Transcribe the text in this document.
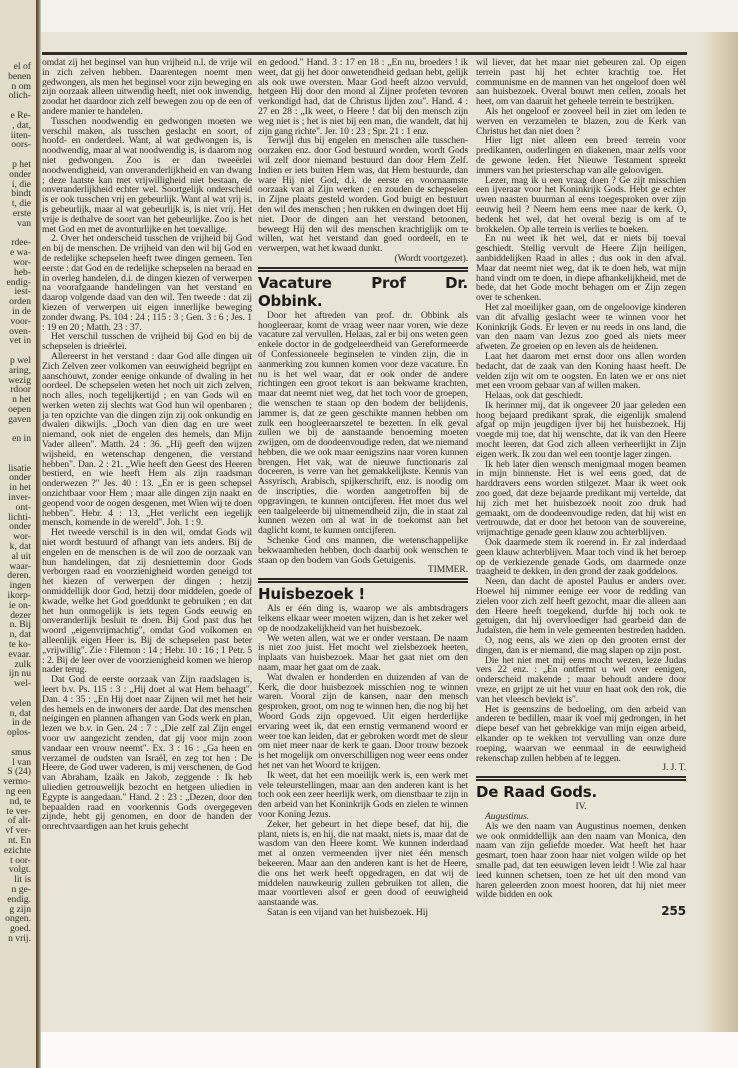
el of
benen
n om
olich-

e Re-
, dat,
iiten-
oors-

p het
onder
i, die
bindt
t, die
erste
van

rdee-
e wa-
wor-
heb-
endig-
iest-
orden
in de
voor-
oven-
vet in

p wel
aring,
wezig
rdoor
n het
oepen
gaven

en in

lisatie
onder
in het
inver-
ont-
lichti-
onder
wor-
k, dat
al uit
waar-
deren.
ingen
ikorp-
ie on-
dezer
n. Bij
n, dat
te ko-
evaar.
zulk
ijn nu
wel-

velen
n, dat
in de
oplos-

smus
l van
S (24)
vermo-
ng een
nd, te
te ver-
of alt-
vf ver-
nt. En
ezichte
t oor-
volgt.
lit is
n ge-
endig.
g zijn
ongen.
goed.
n vrij.

omdat zij het beginsel van hun vrijheid n.l. de vrije wil in zich zelven hebben. Daarentegen noemt men gedwongen, als men het beginsel voor zijn beweging en zijn oorzaak alleen uitwendig heeft, niet ook inwendig, zoodat het daardoor zich zelf bewegen zou op de een of andere manier te handelen.

Tusschen noodwendig en gedwongen moeten we verschil maken, als tusschen geslacht en soort, of hoofd- en onderdeel. Want, al wat gedwongen is, is noodwendig, maar al wat noodwendig is, is daarom nog niet gedwongen. Zoo is er dan tweeërlei noodwendigheid, van onveranderlijkheid en van dwang ; deze laatste kan met vrijwilligheid niet bestaan, de onveranderlijkheid echter wel. Soortgelijk onderscheid is er ook tusschen vrij en gebeurlijk. Want al wat vrij is, is gebeurlijk, maar al wat gebeurlijk is, is niet vrij. Het vrije is dethalve de soort van het gebeurlijke. Zoo is het met God en met de avonturlijke en het toevallige.

2. Over het onderscheid tusschen de vrijheid bij God en bij de menschen. De vrijheid van den wil bij God en de redelijke schepselen heeft twee dingen gemeen. Ten eerste : dat God en de redelijke schepselen na beraad en in overleg handelen, d.i. de dingen kiezen of verwerpen na voorafgaande handelingen van het verstand en daarop volgende daad van den wil. Ten tweede : dat zij kiezen of verwerpen uit eigen innerlijke beweging zonder dwang. Ps. 104 : 24 ; 115 : 3 ; Gen. 3 : 6 ; Jes. 1 : 19 en 20 ; Matth. 23 : 37.

Het verschil tusschen de vrijheid bij God en bij de schepselen is drieërlei.

Allereerst in het verstand : daar God alle dingen uit Zich Zelven zeer volkomen van eeuwigheid begrijpt en aanschouwt, zonder eenige onkunde of dwaling in het oordeel. De schepselen weten het noch uit zich zelven, noch alles, noch tegelijkertijd ; en van Gods wil en werken weten zij slechts wat God hun wil openbaren ; ja ten opzichte van die dingen zijn zij ook onkundig en dwalen dikwijls. „Doch van dien dag en ure weet niemand, ook niet de engelen des hemels, dan Mijn Vader alleen". Matth. 24 : 36. „Hij geeft den wijzen wijsheid, en wetenschap dengenen, die verstand hebben". Dan. 2 : 21. „Wie heeft den Geest des Heeren bestierd, en wie heeft Hem als zijn raadsman onderwezen ?" Jes. 40 : 13. „En er is geen schepsel onzichtbaar voor Hem ; maar alle dingen zijn naakt en geopend voor de oogen desgenen, met Wien wij te doen hebben". Hebr. 4 : 13. „Het verlicht een iegelijk mensch, komende in de wereld". Joh. 1 : 9.

Het tweede verschil is in den wil, omdat Gods wil niet wordt bestuurd of afhangt van iets anders. Bij de engelen en de menschen is de wil zoo de oorzaak van hun handelingen, dat zij desniettemin door Gods verborgen raad en voorzienigheid worden geneigd tot het kiezen of verwerpen der dingen ; hetzij onmiddellijk door God, hetzij door middelen, goede of kwade, welke het God goeddunkt te gebruiken ; en dat het hun onmogelijk is iets tegen Gods eeuwig en onveranderlijk besluit te doen. Bij God past dus het woord „eigenvrijmachtig", omdat God volkomen en alleenlijk eigen Heer is. Bij de schepselen past beter „vrijwillig". Zie : Filemon : 14 ; Hebr. 10 : 16 ; 1 Petr. 5 : 2. Bij de leer over de voorzienigheid komen we hierop nader terug.

Dat God de eerste oorzaak van Zijn raadslagen is, leert b.v. Ps. 115 : 3 : „Hij doet al wat Hem behaagt". Dan. 4 : 35 : „En Hij doet naar Zijnen wil met het heir des hemels en de inwoners der aarde. Dat des menschen neigingen en plannen afhangen van Gods werk en plan, lezen we b.v. in Gen. 24 : 7 : „Die zelf zal Zijn engel voor uw aangezicht zenden, dat gij voor mijn zoon vandaar een vrouw neemt". Ex. 3 : 16 : „Ga heen en verzamel de oudsten van Israël, en zeg tot hen : De Heere, de God uwer vaderen, is mij verschenen, de God van Abraham, Izaäk en Jakob, zeggende : Ik heb uliedien getrouwelijk bezocht en hetgeen uliedien in Egypte is aangedaan." Hand. 2 : 23 : „Dezen, door den bepaalden raad en voorkennis Gods overgegeven zijnde, hebt gij genomen, en door de handen der onrechtvaardigen aan het kruis gehecht

en gedood." Hand. 3 : 17 en 18 : „En nu, broeders ! ik weet, dat gij het door onwetendheid gedaan hebt, gelijk als ook uwe oversten. Maar God heeft alzoo vervuld, hetgeen Hij door den mond al Zijner profeten tevoren verkondigd had, dat de Christus lijden zou". Hand. 4 : 27 en 28 : „Ik weet, o Heere ! dat bij den mensch zijn weg niet is ; het is niet bij een man, die wandelt, dat hij zijn gang richte". Jer. 10 : 23 ; Spr. 21 : 1 enz.

Terwijl dus bij engelen en menschen alle tusschen-oorzaken enz. door God bestuurd worden, wordt Gods wil zelf door niemand bestuurd dan door Hem Zelf. Indien er iets buiten Hem was, dat Hem bestuurde, dan ware Hij niet God, d.i. de eerste en voornaamste oorzaak van al Zijn werken ; en zouden de schepselen in Zijne plaats gesteld worden. God buigt en bestuurt den wil des menschen ; hen rukken en dwingen doet Hij niet. Door de dingen aan het verstand betoonen, beweegt Hij den wil des menschen krachtiglijk om te willen, wat het verstand dan goed oordeelt, en te verwerpen, wat het kwaad dunkt.

(Wordt voortgezet).

Vacature Prof Dr. Obbink.

Door het aftreden van prof. dr. Obbink als hoogleeraar, komt de vraag weer naar voren, wie deze vacature zal vervullen. Helaas, zal er bij ons weten geen enkele doctor in de godgeleerdheid van Gereformeerde of Confessioneele beginselen te vinden zijn, die in aanmerking zou kunnen komen voor deze vacature. En nu is het wel waar, dat er ook onder de andere richtingen een groot tekort is aan bekwame krachten, maar dat neemt niet weg, dat het toch voor de groepen, die wenschen te staan op den bodem der belijdenis, jammer is, dat ze geen geschikte mannen hebben om zulk een hoogleeraarszetel te bezetten. In elk geval zullen we bij de aanstaande benoeming moeten zwijgen, om de doodeenvoudige reden, dat we niemand hebben, die we ook maar eenigszins naar voren kunnen brengen. Het vak, wat de nieuwe functionaris zal doceeren, is verre van het gemakkelijkste. Kennis van Assyrisch, Arabisch, spijkerschrift, enz. is noodig om de inscripties, die worden aangetroffen bij de opgravingen, te kunnen ontcijferen. Het moet dus wel een taalgeleerde bij uitnemendheid zijn, die in staat zal kunnen wezen om al wat in de toekomst aan het daglicht komt, te kunnen ontcijferen.

Schenke God ons mannen, die wetenschappelijke bekwaamheden hebben, doch daarbij ook wenschen te staan op den bodem van Gods Getuigenis.

TIMMER.

Huisbezoek !

Als er één ding is, waarop we als ambtsdragers telkens elkaar weer moeten wijzen, dan is het zeker wel op de noodzakelijkheid van het huisbezoek.

We weten allen, wat we er onder verstaan. De naam is niet zoo juist. Het mocht wel zielsbezoek heeten, inplaats van huisbezoek. Maar het gaat niet om den naam, maar het gaat om de zaak.

Wat dwalen er honderden en duizenden af van de Kerk, die door huisbezoek misschien nog te winnen waren. Vooral zijn de kansen, naar den mensch gesproken, groot, om nog te winnen hen, die nog bij het Woord Gods zijn opgevoed. Uit eigen herderlijke ervaring weet ik, dat een ernstig vermanend woord er weer toe kan leiden, dat er gebroken wordt met de sleur om niet meer naar de kerk te gaan. Door trouw bezoek is het mogelijk om onverschilligen nog weer eens onder het net van het Woord te krijgen.

Ik weet, dat het een moeilijk werk is, een werk met vele teleurstellingen, maar aan den anderen kant is het toch ook een zeer heerlijk werk, om dienstbaar te zijn in den arbeid van het Koninkrijk Gods en zielen te winnen voor Koning Jezus.

Zeker, het gebeurt in het diepe besef, dat hij, die plant, niets is, en hij, die nat maakt, niets is, maar dat de wasdom van den Heere komt. We kunnen inderdaad met al onzen vermeenden ijver niet één mensch bekeeren. Maar aan den anderen kant is het de Heere, die ons het werk heeft opgedragen, en dat wij de middelen nauwkeurig zullen gebruiken tot allen, die maar voortleven alsof er geen dood of eeuwigheid aanstaande was.

Satan is een vijand van het huisbezoek. Hij

wil liever, dat het maar niet gebeuren zal. Op eigen terrein past hij het echter krachtig toe. Het communisme en de mannen van het ongeloof doen wèl aan huisbezoek. Overal bouwt men cellen, zooals het heet, om van daaruit het geheele terrein te bestrijken.

Als het ongeloof er zooveel heil in ziet om leden te werven en verzamelen te blazen, zou de Kerk van Christus het dan niet doen ?

Hier ligt niet alleen een breed terrein voor predikanten, ouderlingen en diakenen, maar zelfs voor de gewone leden. Het Nieuwe Testament spreekt immers van het priesterschap van alle geloovigen.

Lezer, mag ik u een vraag doen ? Ge zijt misschien een ijveraar voor het Koninkrijk Gods. Hebt ge echter uwen naasten buurman al eens toegesproken over zijn eeuwig heil ? Neem hem eens mee naar de kerk. O, bedenk het wel, dat het overal bezig is om af te brokkelen. Op alle terrein is verlies te boeken.

En nu weet ik het wel, dat er niets bij toeval geschiedt. Stellig vervult de Heere Zijn heiligen, aanbiddelijken Raad in alles ; dus ook in den afval. Maar dat neemt niet weg, dat ik te doen heb, wat mijn hand vindt om te doen, in diepe afhankelijkheid, met de bede, dat het Gode mocht behagen om er Zijn zegen over te schenken.

Het zal moeilijker gaan, om de ongeloovige kinderen van dit afvallig geslacht weer te winnen voor het Koninkrijk Gods. Er leven er nu reeds in ons land, die van den naam van Jezus zoo goed als niets meer afweten. Ze groeien op en leven als de heidenen.

Laat het daarom met ernst door ons allen worden bedacht, dat de zaak van den Koning haast heeft. De velden zijn wit om te oogsten. En laten we er ons niet met een vroom gebaar van af willen maken.

Helaas, ook dat geschiedt.

Ik herinner mij, dat ik ongeveer 20 jaar geleden een hoog bejaard predikant sprak, die eigenlijk smalend afgaf op mijn jeugdigen ijver bij het huisbezoek. Hij voegde mij toe, dat hij wenschte, dat ik van den Heere mocht leeren, dat God zich alleen verheerlijkt in Zijn eigen werk. Ik zou dan wel een toontje lager zingen.

Ik heb later dien wensch menigmaal mogen beamen in mijn binnenste. Het is wel eens goed, dat de harddravers eens worden stilgezet. Maar ik weet ook zoo goed, dat deze bejaarde predikant mij vertelde, dat hij zich met het huisbezoek nooit zoo druk had gemaakt, om de doodeenvoudige reden, dat hij wist en vertrouwde, dat er door het betoon van de souvereine, vrijmachtige genade geen klauw zou achterblijven.

Ook daarmede stem ik roerend in. Er zal inderdaad geen klauw achterblijven. Maar toch vind ik het beroep op de verkiezende genade Gods, om daarmede onze traagheid te dekken, in den grond der zaak goddeloos.

Neen, dan dacht de apostel Paulus er anders over. Hoewel hij nimmer eenige eer voor de redding van zielen voor zich zelf heeft gezocht, maar die alleen aan den Heere heeft toegekend, durfde hij toch ook te getuigen, dat hij overvloediger had gearbeid dan de Judaïsten, die hem in vele gemeenten bestreden hadden.

O, nog eens, als we zien op den grooten ernst der dingen, dan is er niemand, die mag slapen op zijn post.

Die het niet met mij eens mocht wezen, leze Judas vers 22 enz. : „En ontfermt u wel over eenigen, onderscheid makende ; maar behoudt andere door vreze, en grijpt ze uit het vuur en haat ook den rok, die van het vleesch bevlekt is".

Het is geenszins de bedoeling, om den arbeid van anderen te bedillen, maar ik voel mij gedrongen, in het diepe besef van het gebrekkige van mijn eigen arbeid, elkander op te wekken tot vervulling van onze dure roeping, waarvan we eenmaal in de eeuwigheid rekenschap zullen hebben af te leggen.

J. J. T.

De Raad Gods.

IV.

Augustinus.

Als we den naam van Augustinus noemen, denken we ook onmiddellijk aan den naam van Monica, den naam van zijn geliefde moeder. Wat heeft het haar gesmart, toen haar zoon haar niet volgen wilde op het smalle pad, dat ten eeuwigen leven leidt ! Wie zal haar leed kunnen schetsen, toen ze het uit den mond van haren geleerden zoon moest hooren, dat hij niet meer wilde bidden en ook

255
